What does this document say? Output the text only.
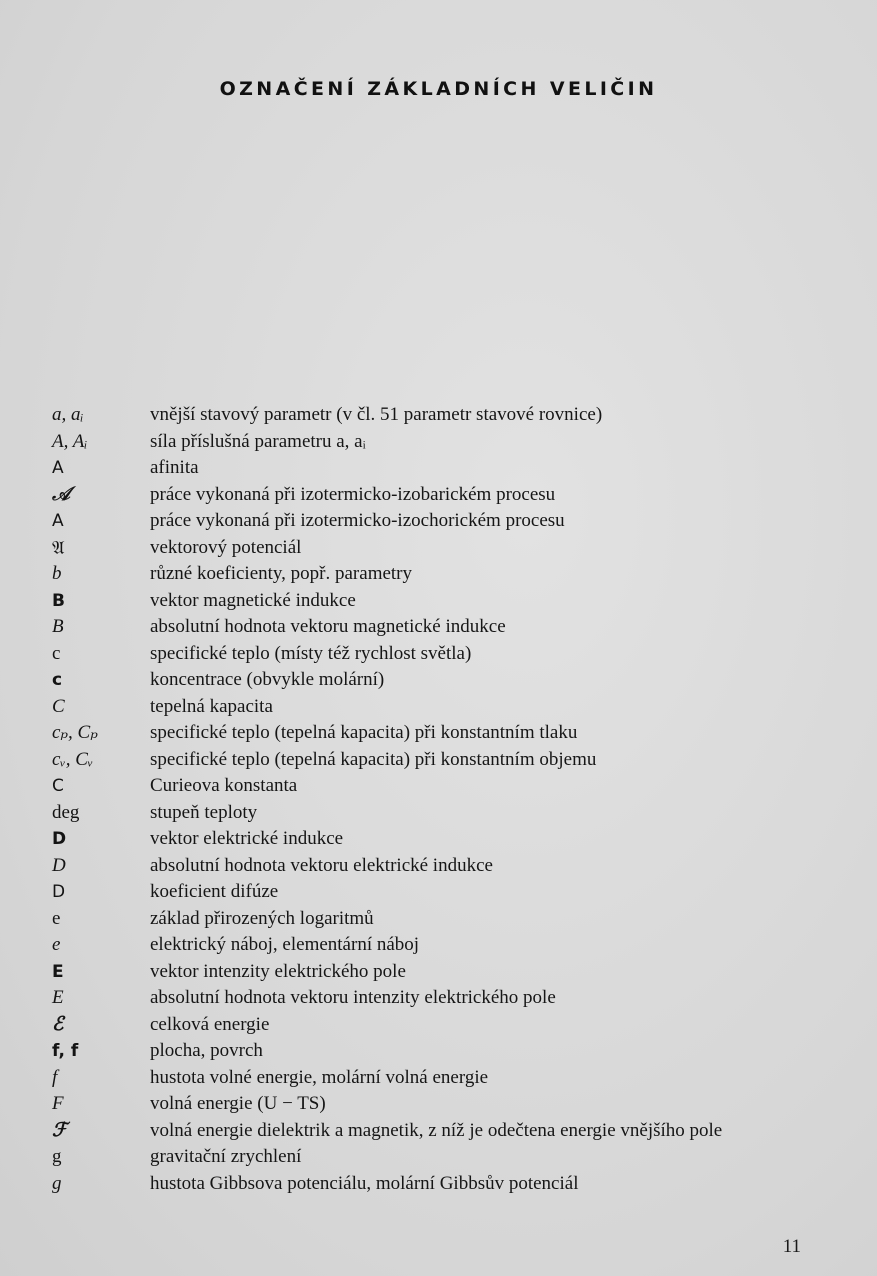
OZNAČENÍ ZÁKLADNÍCH VELIČIN
a, aᵢ	vnější stavový parametr (v čl. 51 parametr stavové rovnice)
A, Aᵢ	síla příslušná parametru a, aᵢ
A	afinita
𝒜	práce vykonaná při izotermicko-izobarickém procesu
A	práce vykonaná při izotermicko-izochorickém procesu
𝔄	vektorový potenciál
b	různé koeficienty, popř. parametry
B	vektor magnetické indukce
B	absolutní hodnota vektoru magnetické indukce
c	specifické teplo (místy též rychlost světla)
c	koncentrace (obvykle molární)
C	tepelná kapacita
cₚ, Cₚ	specifické teplo (tepelná kapacita) při konstantním tlaku
cᵥ, Cᵥ	specifické teplo (tepelná kapacita) při konstantním objemu
C	Curieova konstanta
deg	stupeň teploty
D	vektor elektrické indukce
D	absolutní hodnota vektoru elektrické indukce
D	koeficient difúze
e	základ přirozených logaritmů
e	elektrický náboj, elementární náboj
E	vektor intenzity elektrického pole
E	absolutní hodnota vektoru intenzity elektrického pole
ℰ	celková energie
f, f	plocha, povrch
f	hustota volné energie, molární volná energie
F	volná energie (U − TS)
ℱ	volná energie dielektrik a magnetik, z níž je odečtena energie vnějšího pole
g	gravitační zrychlení
g	hustota Gibbsova potenciálu, molární Gibbsův potenciál
11
